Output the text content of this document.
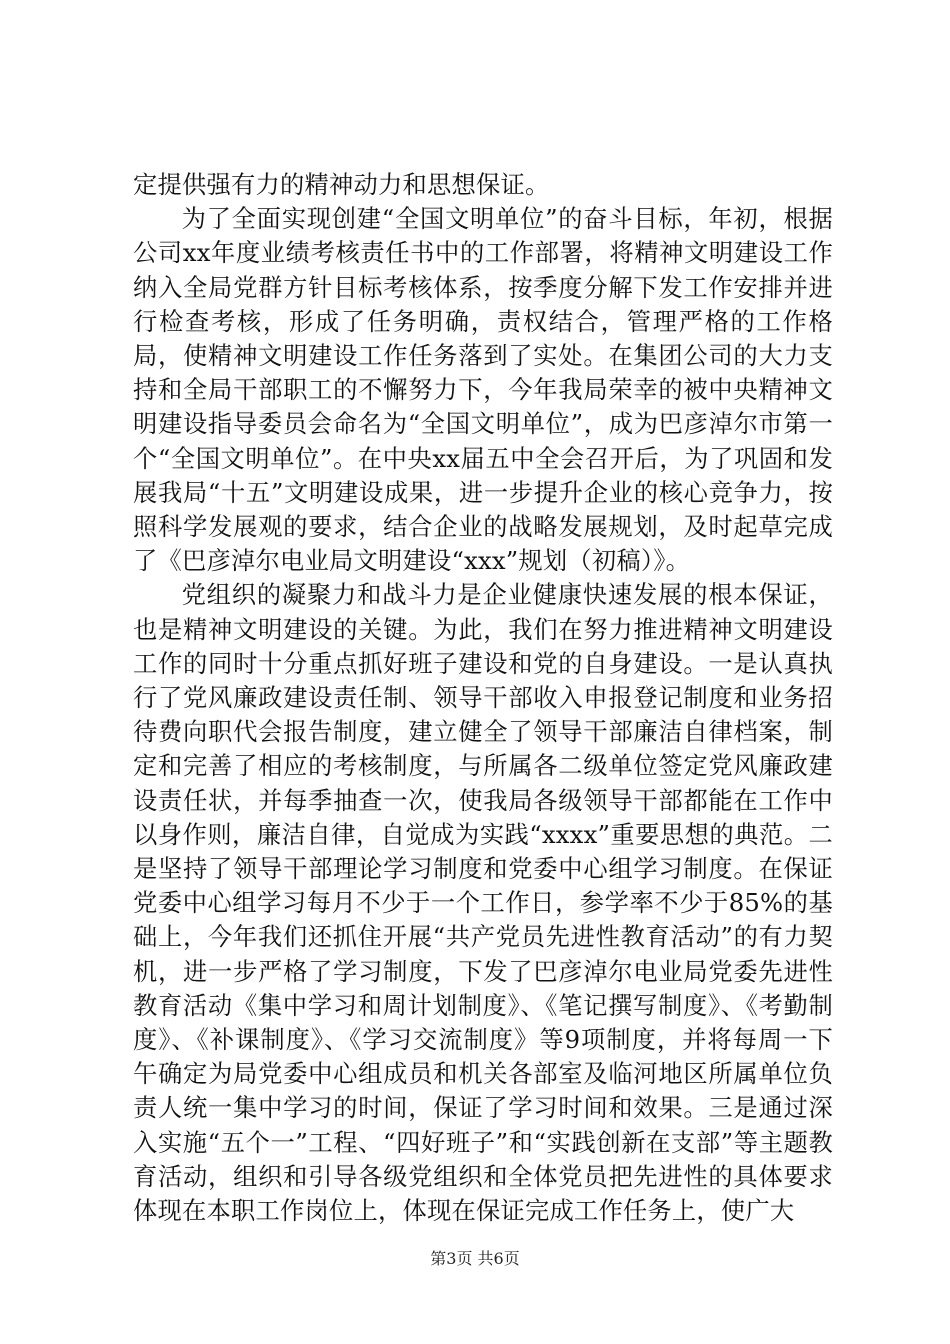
定提供强有力的精神动力和思想保证。

为了全面实现创建“全国文明单位”的奋斗目标，年初，根据公司xx年度业绩考核责任书中的工作部署，将精神文明建设工作纳入全局党群方针目标考核体系，按季度分解下发工作安排并进行检查考核，形成了任务明确，责权结合，管理严格的工作格局，使精神文明建设工作任务落到了实处。在集团公司的大力支持和全局干部职工的不懈努力下，今年我局荣幸的被中央精神文明建设指导委员会命名为“全国文明单位”，成为巴彦淖尔市第一个“全国文明单位”。在中央xx届五中全会召开后，为了巩固和发展我局“十五”文明建设成果，进一步提升企业的核心竞争力，按照科学发展观的要求，结合企业的战略发展规划，及时起草完成了《巴彦淖尔电业局文明建设“xxx”规划（初稿）》。

党组织的凝聚力和战斗力是企业健康快速发展的根本保证，也是精神文明建设的关键。为此，我们在努力推进精神文明建设工作的同时十分重点抓好班子建设和党的自身建设。一是认真执行了党风廉政建设责任制、领导干部收入申报登记制度和业务招待费向职代会报告制度，建立健全了领导干部廉洁自律档案，制定和完善了相应的考核制度，与所属各二级单位签定党风廉政建设责任状，并每季抽查一次，使我局各级领导干部都能在工作中以身作则，廉洁自律，自觉成为实践“xxxx”重要思想的典范。二是坚持了领导干部理论学习制度和党委中心组学习制度。在保证党委中心组学习每月不少于一个工作日，参学率不少于85%的基础上，今年我们还抓住开展“共产党员先进性教育活动”的有力契机，进一步严格了学习制度，下发了巴彦淖尔电业局党委先进性教育活动《集中学习和周计划制度》、《笔记撰写制度》、《考勤制度》、《补课制度》、《学习交流制度》等9项制度，并将每周一下午确定为局党委中心组成员和机关各部室及临河地区所属单位负责人统一集中学习的时间，保证了学习时间和效果。三是通过深入实施“五个一”工程、“四好班子”和“实践创新在支部”等主题教育活动，组织和引导各级党组织和全体党员把先进性的具体要求体现在本职工作岗位上，体现在保证完成工作任务上，使广大

第3页 共6页
